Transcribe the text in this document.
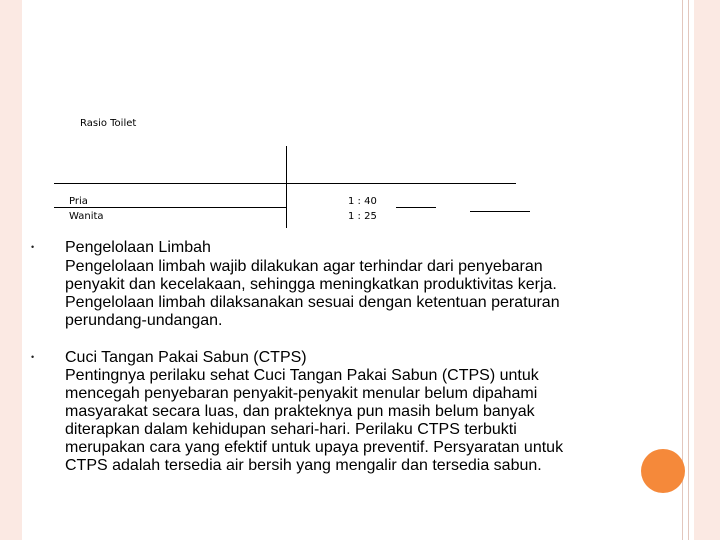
Rasio Toilet
Pria	1 : 40
Wanita	1 : 25
• Pengelolaan Limbah
Pengelolaan limbah wajib dilakukan agar terhindar dari penyebaran
penyakit dan kecelakaan, sehingga meningkatkan produktivitas kerja.
Pengelolaan limbah dilaksanakan sesuai dengan ketentuan peraturan
perundang-undangan.
• Cuci Tangan Pakai Sabun (CTPS)
Pentingnya perilaku sehat Cuci Tangan Pakai Sabun (CTPS) untuk
mencegah penyebaran penyakit-penyakit menular belum dipahami
masyarakat secara luas, dan prakteknya pun masih belum banyak
diterapkan dalam kehidupan sehari-hari. Perilaku CTPS terbukti
merupakan cara yang efektif untuk upaya preventif. Persyaratan untuk
CTPS adalah tersedia air bersih yang mengalir dan tersedia sabun.
